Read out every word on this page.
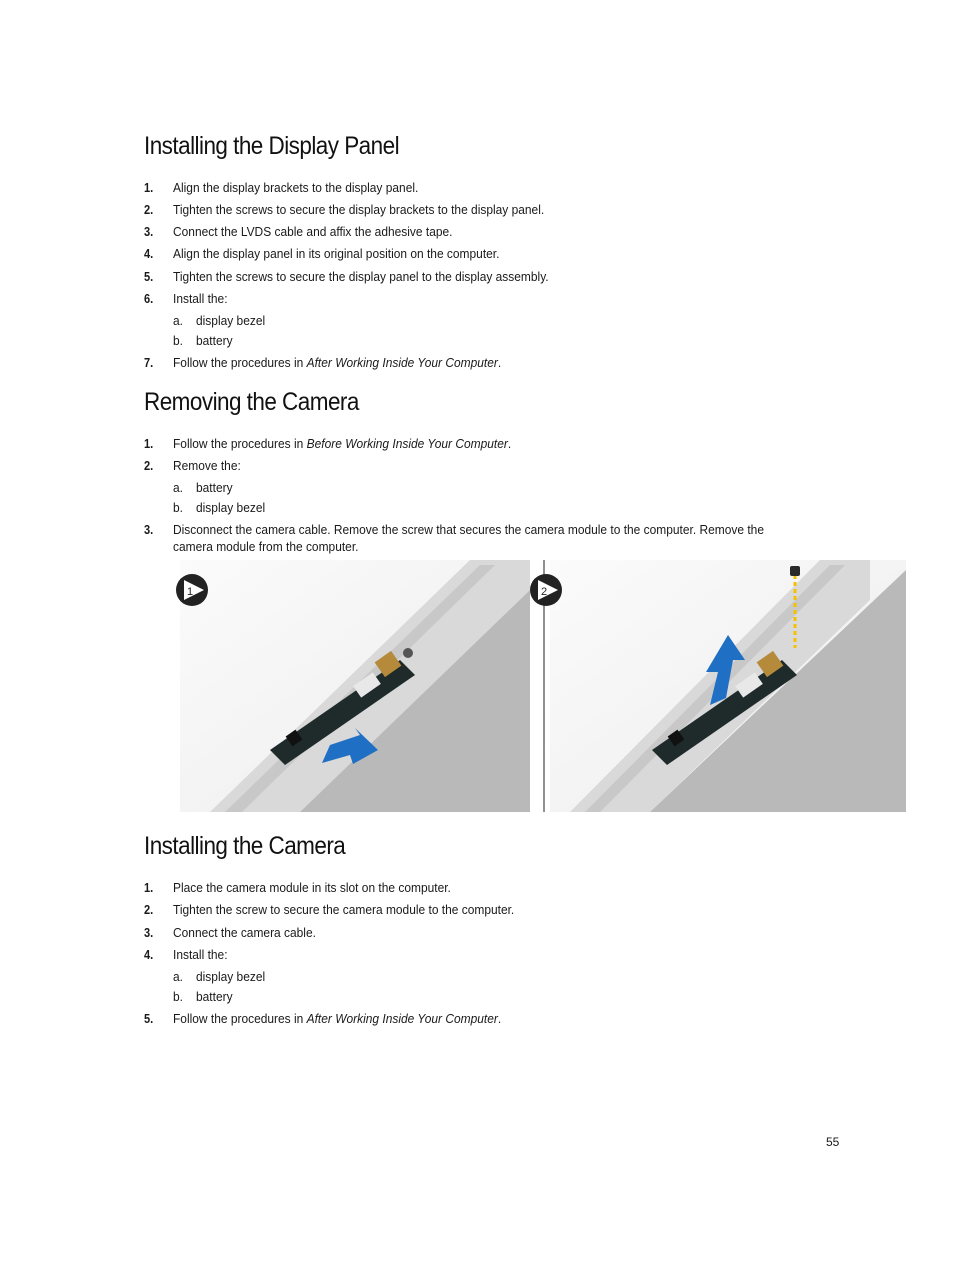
Installing the Display Panel
1. Align the display brackets to the display panel.
2. Tighten the screws to secure the display brackets to the display panel.
3. Connect the LVDS cable and affix the adhesive tape.
4. Align the display panel in its original position on the computer.
5. Tighten the screws to secure the display panel to the display assembly.
6. Install the:
a. display bezel
b. battery
7. Follow the procedures in After Working Inside Your Computer.
Removing the Camera
1. Follow the procedures in Before Working Inside Your Computer.
2. Remove the:
a. battery
b. display bezel
3. Disconnect the camera cable. Remove the screw that secures the camera module to the computer. Remove the
camera module from the computer.
1	2
Installing the Camera
1. Place the camera module in its slot on the computer.
2. Tighten the screw to secure the camera module to the computer.
3. Connect the camera cable.
4. Install the:
a. display bezel
b. battery
5. Follow the procedures in After Working Inside Your Computer.
55
